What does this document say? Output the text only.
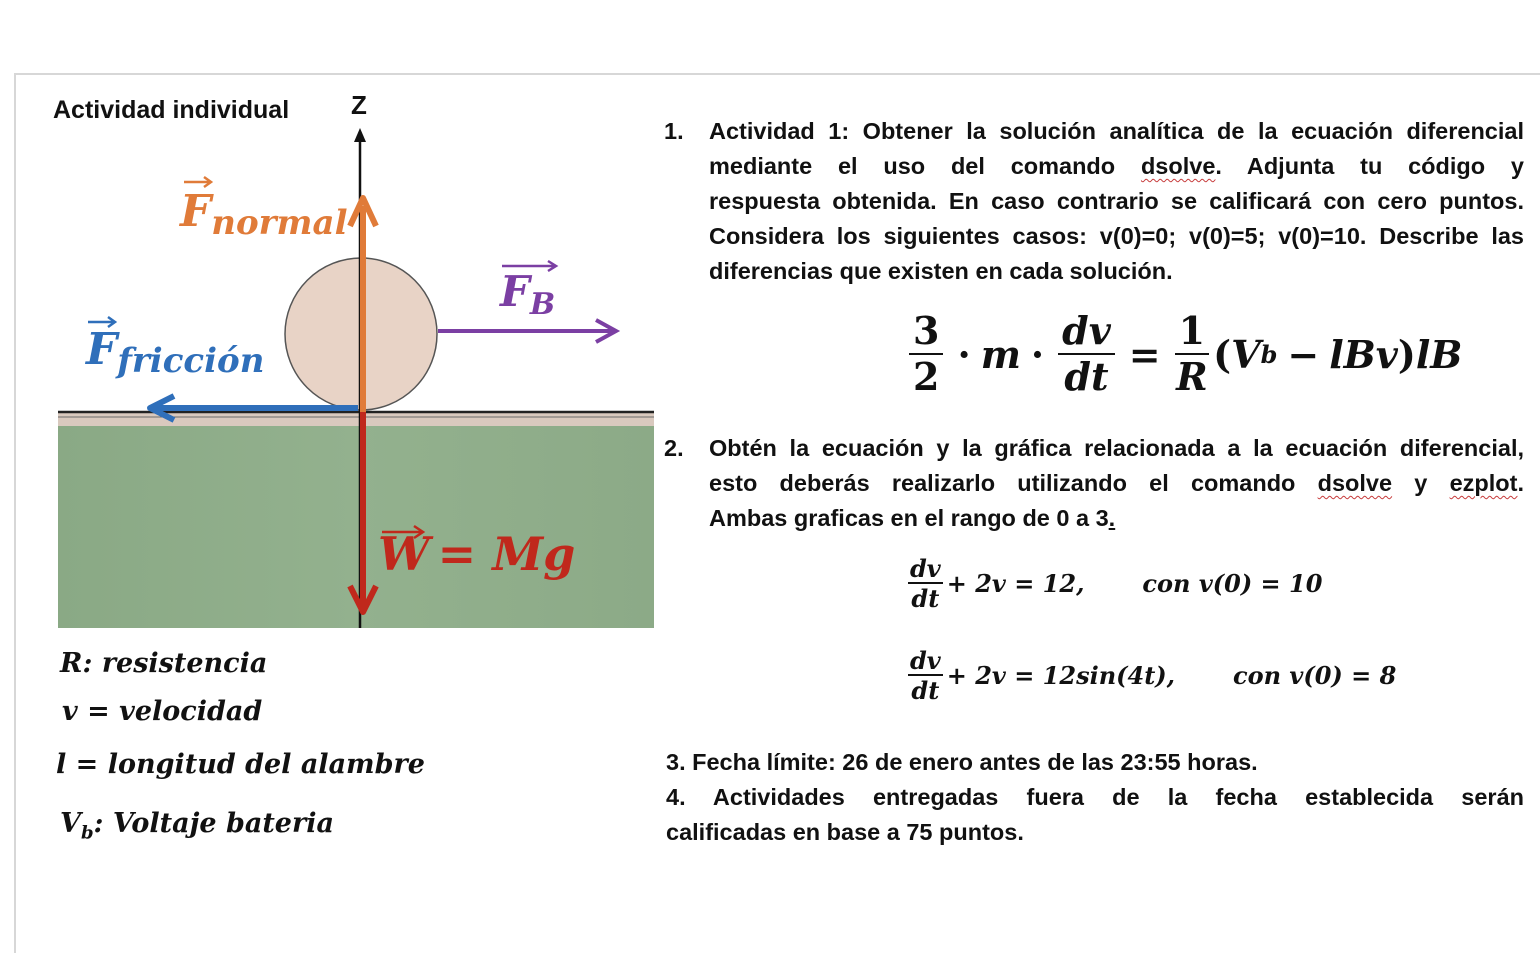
Actividad individual Z
Fnormal
FB
Ffricción
W = Mg
R: resistencia
v = velocidad
l = longitud del alambre
$V_b$: Voltaje bateria
1. Actividad 1: Obtener la solución analítica de la ecuación diferencial
mediante el uso del comando dsolve. Adjunta tu código y
respuesta obtenida. En caso contrario se calificará con cero puntos.
Considera los siguientes casos: v(0)=0; v(0)=5; v(0)=10. Describe las
diferencias que existen en cada solución.
$\frac{3}{2} \cdot m \cdot \frac{dv}{dt} = \frac{1}{R}$ ( V b − lBv ) lB
2. Obtén la ecuación y la gráfica relacionada a la ecuación diferencial,
esto deberás realizarlo utilizando el comando dsolve y ezplot.
Ambas graficas en el rango de 0 a 3.
$\frac{dv}{dt} + 2v = 12$, con v(0) = 10
$\frac{dv}{dt} + 2v = 12\sin(4t)$, con v(0) = 8
3. Fecha límite: 26 de enero antes de las 23:55 horas.
4.  Actividades  entregadas  fuera  de  la  fecha  establecida  serán
calificadas en base a 75 puntos.
